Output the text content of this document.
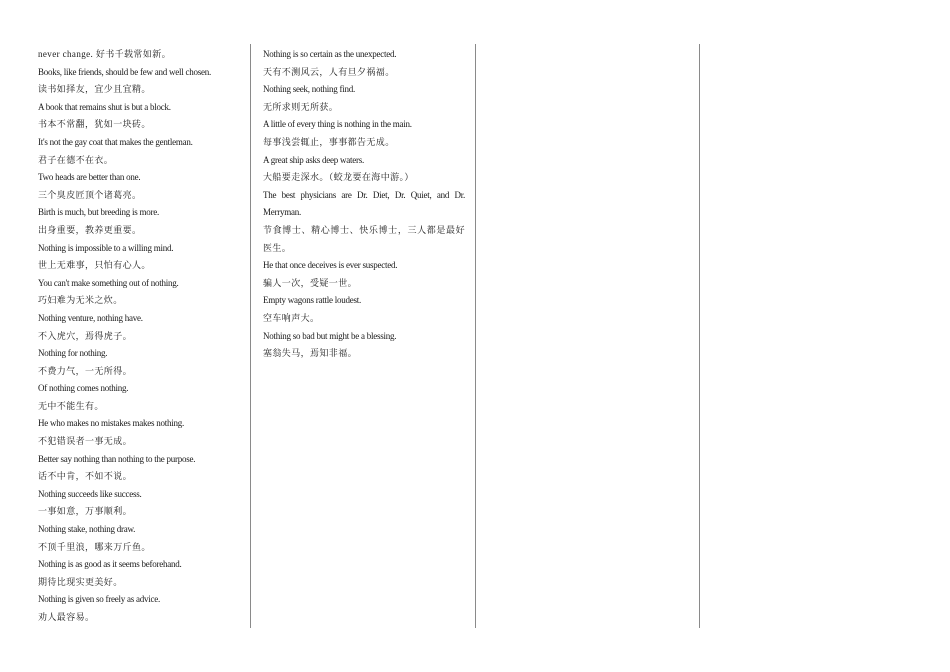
never change. 好书千载常如新。
Books, like friends, should be few and well chosen.
读书如择友，宜少且宜精。
A book that remains shut is but a block.
书本不常翻，犹如一块砖。
It's not the gay coat that makes the gentleman.
君子在德不在衣。
Two heads are better than one.
三个臭皮匠顶个诸葛亮。
Birth is much, but breeding is more.
出身重要，教养更重要。
Nothing is impossible to a willing mind.
世上无难事，只怕有心人。
You can't make something out of nothing.
巧妇难为无米之炊。
Nothing venture, nothing have.
不入虎穴，焉得虎子。
Nothing for nothing.
不费力气，一无所得。
Of nothing comes nothing.
无中不能生有。
He who makes no mistakes makes nothing.
不犯错误者一事无成。
Better say nothing than nothing to the purpose.
话不中肯，不如不说。
Nothing succeeds like success.
一事如意，万事顺利。
Nothing stake, nothing draw.
不顶千里浪，哪来万斤鱼。
Nothing is as good as it seems beforehand.
期待比现实更美好。
Nothing is given so freely as advice.
劝人最容易。
Nothing is so certain as the unexpected.
天有不测风云，人有旦夕祸福。
Nothing seek, nothing find.
无所求则无所获。
A little of every thing is nothing in the main.
每事浅尝辄止，事事都告无成。
A great ship asks deep waters.
大船要走深水。（蛟龙要在海中游。）
The best physicians are Dr. Diet, Dr. Quiet, and Dr.
Merryman.
节食博士、精心博士、快乐博士，三人都是最好
医生。
He that once deceives is ever suspected.
骗人一次，受疑一世。
Empty wagons rattle loudest.
空车响声大。
Nothing so bad but might be a blessing.
塞翁失马，焉知非福。
